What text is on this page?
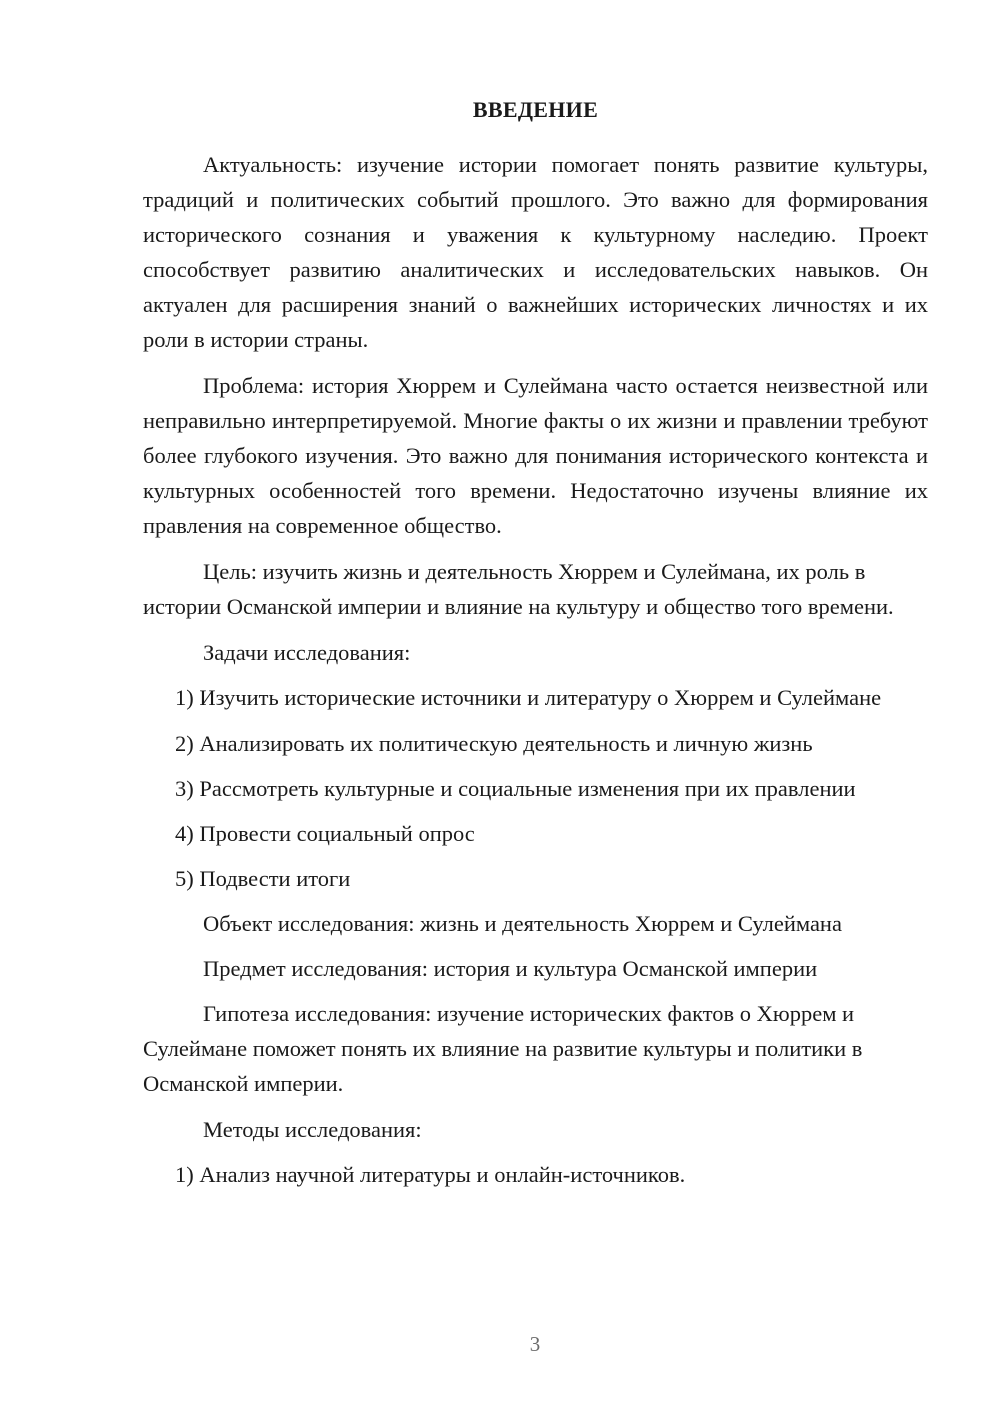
ВВЕДЕНИЕ

Актуальность: изучение истории помогает понять развитие культуры, традиций и политических событий прошлого. Это важно для формирования исторического сознания и уважения к культурному наследию. Проект способствует развитию аналитических и исследовательских навыков. Он актуален для расширения знаний о важнейших исторических личностях и их роли в истории страны.

Проблема: история Хюррем и Сулеймана часто остается неизвестной или неправильно интерпретируемой. Многие факты о их жизни и правлении требуют более глубокого изучения. Это важно для понимания исторического контекста и культурных особенностей того времени. Недостаточно изучены влияние их правления на современное общество.

Цель: изучить жизнь и деятельность Хюррем и Сулеймана, их роль в истории Османской империи и влияние на культуру и общество того времени.

Задачи исследования:

1) Изучить исторические источники и литературу о Хюррем и Сулеймане

2) Анализировать их политическую деятельность и личную жизнь
3) Рассмотреть культурные и социальные изменения при их правлении
4) Провести социальный опрос
5) Подвести итоги
Объект исследования: жизнь и деятельность Хюррем и Сулеймана
Предмет исследования: история и культура Османской империи

Гипотеза исследования: изучение исторических фактов о Хюррем и Сулеймане поможет понять их влияние на развитие культуры и политики в Османской империи.

Методы исследования:
1) Анализ научной литературы и онлайн-источников.
3
